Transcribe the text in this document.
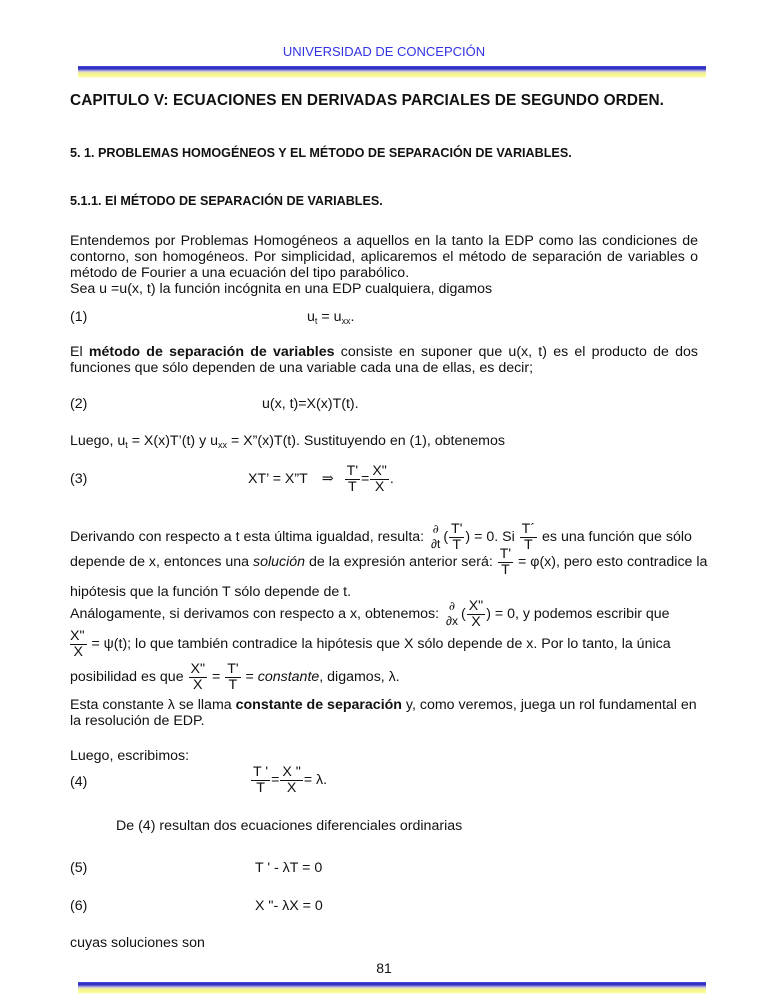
UNIVERSIDAD DE CONCEPCIÓN
CAPITULO V: ECUACIONES EN DERIVADAS PARCIALES DE SEGUNDO ORDEN.
5. 1. PROBLEMAS HOMOGÉNEOS Y EL MÉTODO DE SEPARACIÓN DE VARIABLES.
5.1.1. El MÉTODO DE SEPARACIÓN DE VARIABLES.
Entendemos por Problemas Homogéneos a aquellos en la tanto la EDP como las condiciones de
contorno, son homogéneos. Por simplicidad, aplicaremos el método de separación de variables o
método de Fourier a una ecuación del tipo parabólico.
Sea u =u(x, t) la función incógnita en una EDP cualquiera, digamos
(1)	$u_t = u_{xx}$.
El método de separación de variables consiste en suponer que u(x, t) es el producto de dos
funciones que sólo dependen de una variable cada una de ellas, es decir;
(2)	u(x, t)=X(x)T(t).
Luego, $u_t$ = X(x)T’(t) y $u_{xx}$ = X”(x)T(t). Sustituyendo en (1), obtenemos
(3)	XT’ = X”T ⇒ $\frac{T'}{T} = \frac{X"}{X}$ .
Derivando con respecto a t esta última igualdad, resulta: ∂
∂t ( $\frac{T'}{T}$ ) = 0 . Si $\frac{T´}{T}$ es una función que sólo
depende de x, entonces una solución de la expresión anterior será: $\frac{T'}{T} = \varphi(x)$, pero esto contradice la
hipótesis que la función T sólo depende de t.
Análogamente, si derivamos con respecto a x, obtenemos: ∂
∂x ( $\frac{X"}{X}$ ) = 0 , y podemos escribir que
$\frac{X"}{X} = \psi(t)$; lo que también contradice la hipótesis que X sólo depende de x. Por lo tanto, la única
posibilidad es que $\frac{X"}{X} = \frac{T'}{T}$ = constante , digamos, λ.
Esta constante λ se llama constante de separación y, como veremos, juega un rol fundamental en
la resolución de EDP.
Luego, escribimos:
(4)	$\frac{T '}{T} = \frac{X "}{X} = \lambda$.
De (4) resultan dos ecuaciones diferenciales ordinarias
(5)	T ' - λT = 0
(6)	X "- λX = 0
cuyas soluciones son
81
